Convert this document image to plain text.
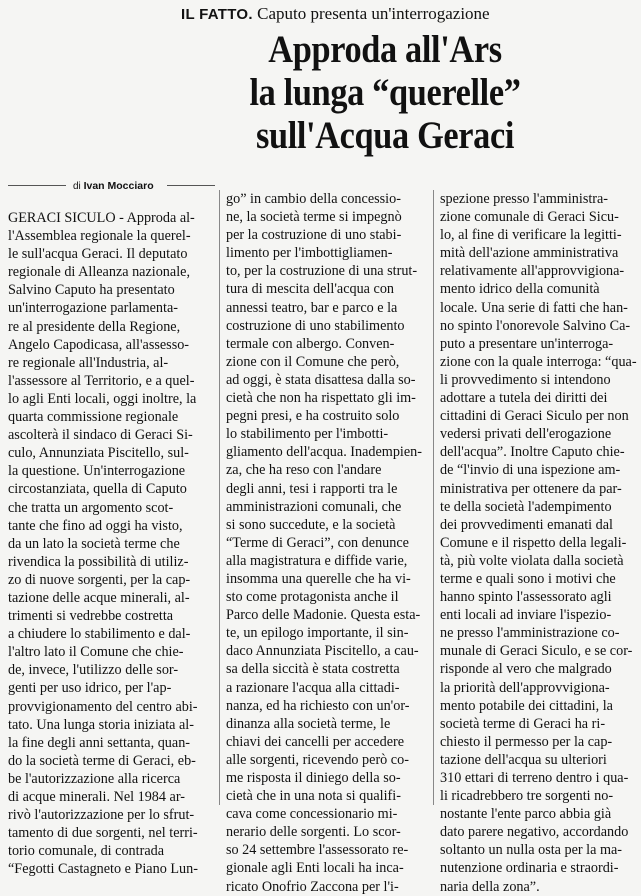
IL FATTO. Caputo presenta un'interrogazione
Approda all'Ars
la lunga “querelle”
sull'Acqua Geraci
di Ivan Mocciaro
GERACI SICULO - Approda al-
l'Assemblea regionale la querel-
le sull'acqua Geraci. Il deputato
regionale di Alleanza nazionale,
Salvino Caputo ha presentato
un'interrogazione parlamenta-
re al presidente della Regione,
Angelo Capodicasa, all'assesso-
re regionale all'Industria, al-
l'assessore al Territorio, e a quel-
lo agli Enti locali, oggi inoltre, la
quarta commissione regionale
ascolterà il sindaco di Geraci Si-
culo, Annunziata Piscitello, sul-
la questione. Un'interrogazione
circostanziata, quella di Caputo
che tratta un argomento scot-
tante che fino ad oggi ha visto,
da un lato la società terme che
rivendica la possibilità di utiliz-
zo di nuove sorgenti, per la cap-
tazione delle acque minerali, al-
trimenti si vedrebbe costretta
a chiudere lo stabilimento e dal-
l'altro lato il Comune che chie-
de, invece, l'utilizzo delle sor-
genti per uso idrico, per l'ap-
provvigionamento del centro abi-
tato. Una lunga storia iniziata al-
la fine degli anni settanta, quan-
do la società terme di Geraci, eb-
be l'autorizzazione alla ricerca
di acque minerali. Nel 1984 ar-
rivò l'autorizzazione per lo sfrut-
tamento di due sorgenti, nel terri-
torio comunale, di contrada
“Fegotti Castagneto e Piano Lun-
go” in cambio della concessio-
ne, la società terme si impegnò
per la costruzione di uno stabi-
limento per l'imbottigliamen-
to, per la costruzione di una strut-
tura di mescita dell'acqua con
annessi teatro, bar e parco e la
costruzione di uno stabilimento
termale con albergo. Conven-
zione con il Comune che però,
ad oggi, è stata disattesa dalla so-
cietà che non ha rispettato gli im-
pegni presi, e ha costruito solo
lo stabilimento per l'imbotti-
gliamento dell'acqua. Inadempien-
za, che ha reso con l'andare
degli anni, tesi i rapporti tra le
amministrazioni comunali, che
si sono succedute, e la società
“Terme di Geraci”, con denunce
alla magistratura e diffide varie,
insomma una querelle che ha vi-
sto come protagonista anche il
Parco delle Madonie. Questa esta-
te, un epilogo importante, il sin-
daco Annunziata Piscitello, a cau-
sa della siccità è stata costretta
a razionare l'acqua alla cittadi-
nanza, ed ha richiesto con un'or-
dinanza alla società terme, le
chiavi dei cancelli per accedere
alle sorgenti, ricevendo però co-
me risposta il diniego della so-
cietà che in una nota si qualifi-
cava come concessionario mi-
nerario delle sorgenti. Lo scor-
so 24 settembre l'assessorato re-
gionale agli Enti locali ha inca-
ricato Onofrio Zaccona per l'i-
spezione presso l'amministra-
zione comunale di Geraci Sicu-
lo, al fine di verificare la legitti-
mità dell'azione amministrativa
relativamente all'approvvigiona-
mento idrico della comunità
locale. Una serie di fatti che han-
no spinto l'onorevole Salvino Ca-
puto a presentare un'interroga-
zione con la quale interroga: “qua-
li provvedimento si intendono
adottare a tutela dei diritti dei
cittadini di Geraci Siculo per non
vedersi privati dell'erogazione
dell'acqua”. Inoltre Caputo chie-
de “l'invio di una ispezione am-
ministrativa per ottenere da par-
te della società l'adempimento
dei provvedimenti emanati dal
Comune e il rispetto della legali-
tà, più volte violata dalla società
terme e quali sono i motivi che
hanno spinto l'assessorato agli
enti locali ad inviare l'ispezio-
ne presso l'amministrazione co-
munale di Geraci Siculo, e se cor-
risponde al vero che malgrado
la priorità dell'approvvigiona-
mento potabile dei cittadini, la
società terme di Geraci ha ri-
chiesto il permesso per la cap-
tazione dell'acqua su ulteriori
310 ettari di terreno dentro i qua-
li ricadrebbero tre sorgenti no-
nostante l'ente parco abbia già
dato parere negativo, accordando
soltanto un nulla osta per la ma-
nutenzione ordinaria e straordi-
naria della zona”.
